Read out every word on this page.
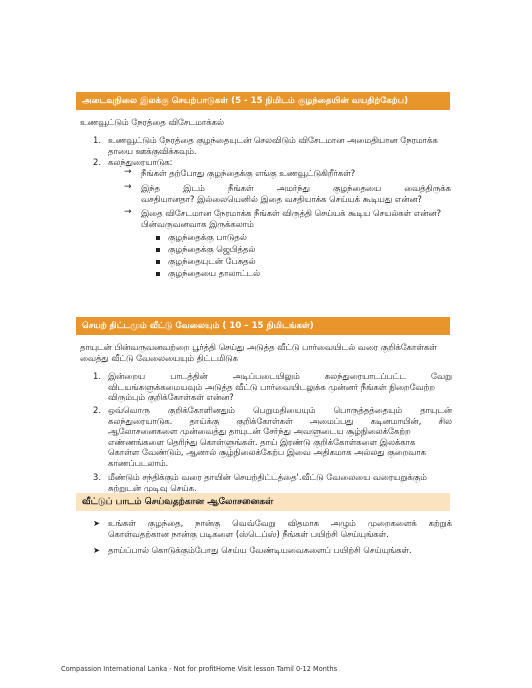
அடைவுநிலை இலக்கு செயற்பாடுகள் (5 - 15 நிமிடம் குழந்தையின் வயதிற்கேற்ப)
உணவூட்டும் நேரத்தை விசேடமாக்கல்
1. உணவூட்டும் நேரத்தை குழந்தையுடன் செலவிடும் விசேடமான அமைதியான நேரமாக்க
தாயை ஊக்குவிக்கவும்.
2. கலந்துரையாடுக:
→ நீங்கள் தற்போது குழந்தைக்கு எங்கு உணவூட்டுகிறீர்கள்?
→ இந்த இடம் நீங்கள் அமர்ந்து குழந்தையை வைத்திருக்க
வசதியானதா? இல்லையெனில் இதை வசதியாக்க செய்யக் கூடியது என்ன?
→ இதை விசேடமான நேரமாக்க நீங்கள் விருத்தி செய்யக் கூடிய செயல்கள் என்ன?
பின்வருவனவாக இருக்கலாம்
குழந்தைக்கு பாடுதல்
குழந்தைக்கு ஜெபித்தல்
குழந்தையுடன் பேசுதல்
குழந்தையை தாலாட்டல்
செயற் திட்டமும் வீட்டு வேலையும் ( 10 – 15 நிமிடங்கள்)
தாயுடன் பின்வருவனவற்றை பூர்த்தி செய்து அடுத்த வீட்டு பார்வையிடல் வரை குறிக்கோள்கள்
வைத்து வீட்டு வேலையையும் திட்டமிடுக
1. இன்றைய பாடத்தின் அடிப்படையிலும் கலந்துரையாடப்பட்ட வேறு
விடயங்களுக்கமையவும் அடுத்த வீட்டு பார்வையிடலுக்க முன்னர் நீங்கள் நிறைவேற்ற
விரும்பும் குறிக்கோள்கள் என்ன?
2. ஒவ்வொரு குறிக்கோளினதும் பெறுமதியையும் பொருத்தத்தையும் தாயுடன்
கலந்துரையாடுக. தாய்க்கு குறிக்கோள்கள் அமைப்பது கடினமாயின், சில
ஆலோசனைகளை முன்வைத்து தாயுடன் சேர்ந்து அவளுடைய சூழ்நிலைக்கேற்ற
எண்ணங்களை தெரிந்து கொள்ளுங்கள். தாய் இரண்டு குறிக்கோள்களை இலக்காக
கொள்ள வேண்டும், ஆனால் சூழ்நிலைக்கேற்ப இவை அதிகமாக அல்லது குறைவாக
காணப்படலாம்.
3. மீண்டும் சந்திக்கும் வரை தாயின் செயற்திட்டத்தை'.வீட்டு வேலையை வரையறுக்கும்
சுற்றுடன் முடிவு செய்க.
வீட்டுப் பாடம் செய்வதற்கான ஆலோசனைகள்
➤ உங்கள் குழந்தை, நான்கு வெவ்வேறு விதமாக அழும் முறைகளைக் கற்றுக்
கொள்வதற்கான நான்கு படிகளை (ஸ்டெப்ஸ்) நீங்கள் பயிற்சி செய்யுங்கள்.
➤ தாய்ப்பால் கொடுக்கும்போது செய்ய வேண்டியவைகளைப் பயிற்சி செய்யுங்கள்.
Compassion International Lanka - Not for profitHome Visit lesson Tamil 0-12 Months
